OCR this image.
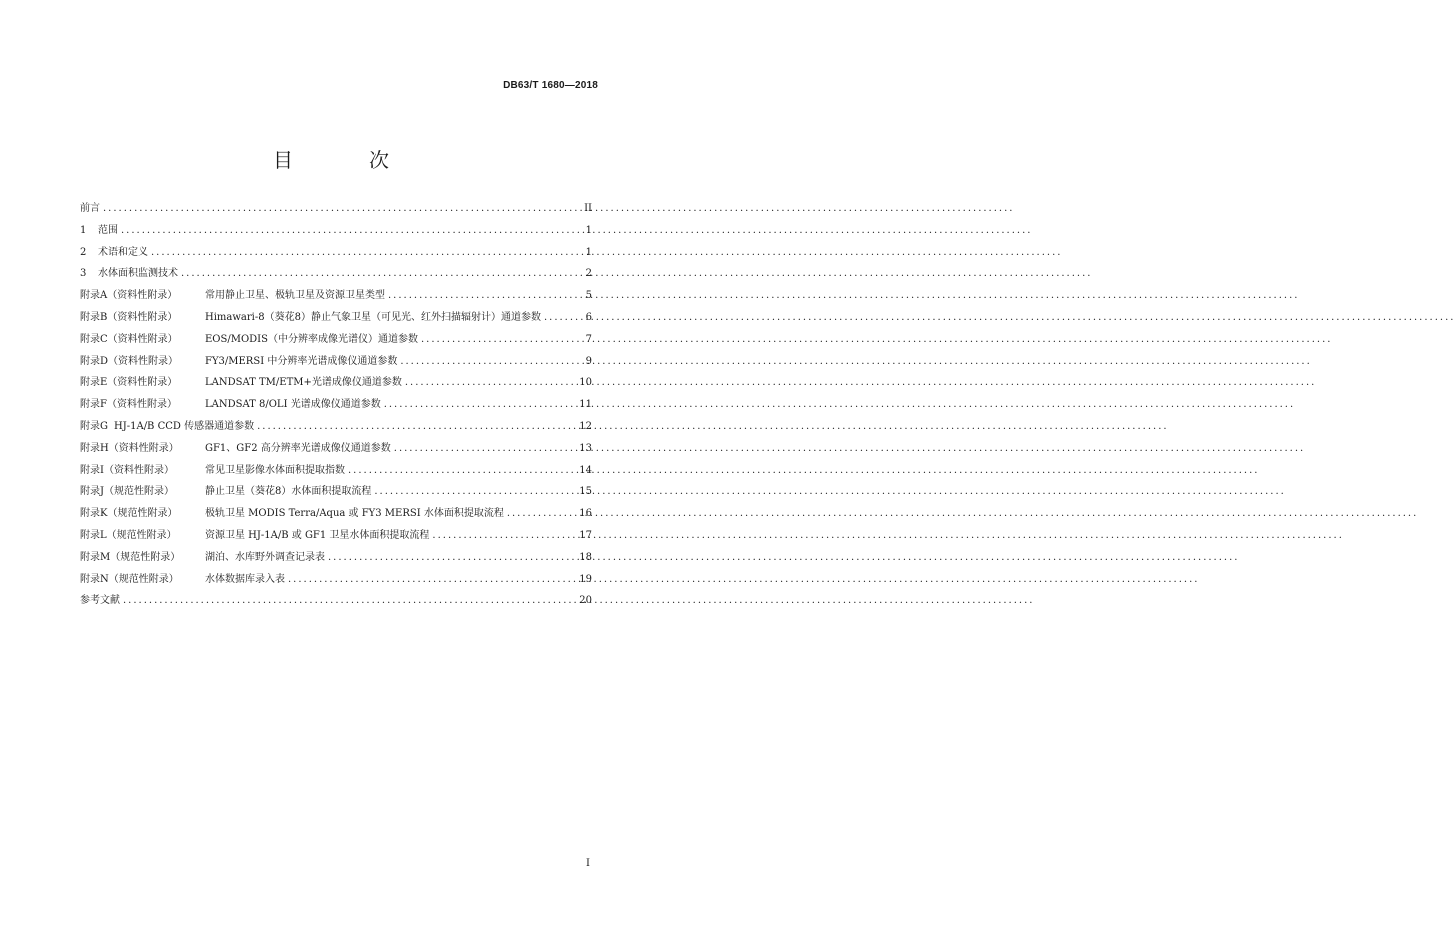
DB63/T 1680—2018
目　次
前言 .....	II
1 范围 .....	1
2 术语和定义 .....	1
3 水体面积监测技术 .....	2
附录A（资料性附录）	常用静止卫星、极轨卫星及资源卫星类型 .....	5
附录B（资料性附录）	Himawari-8（葵花8）静止气象卫星（可见光、红外扫描辐射计）通道参数 .....	6
附录C（资料性附录）	EOS/MODIS（中分辨率成像光谱仪）通道参数 .....	7
附录D（资料性附录）	FY3/MERSI 中分辨率光谱成像仪通道参数 .....	9
附录E（资料性附录）	LANDSAT TM/ETM+光谱成像仪通道参数 .....	10
附录F（资料性附录）	LANDSAT 8/OLI 光谱成像仪通道参数 .....	11
附录G HJ-1A/B CCD 传感器通道参数 .....	12
附录H（资料性附录）	GF1、GF2 高分辨率光谱成像仪通道参数 .....	13
附录I（资料性附录）	常见卫星影像水体面积提取指数 .....	14
附录J（规范性附录）	静止卫星（葵花8）水体面积提取流程 .....	15
附录K（规范性附录）	极轨卫星 MODIS Terra/Aqua 或 FY3 MERSI 水体面积提取流程 .....	16
附录L（规范性附录）	资源卫星 HJ-1A/B 或 GF1 卫星水体面积提取流程 .....	17
附录M（规范性附录） 湖泊、水库野外调查记录表 .....	18
附录N（规范性附录）	水体数据库录入表 .....	19
参考文献 .....	20
I
